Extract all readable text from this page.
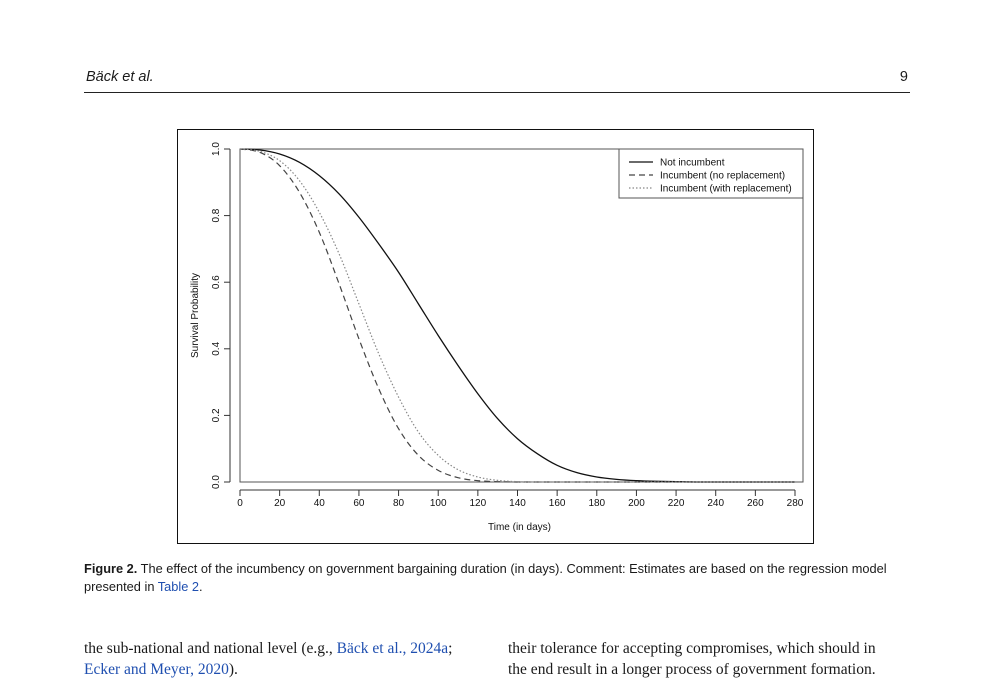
Bäck et al.	9
0.0
0.2
0.4
0.6
0.8
1.0
0	20	40	60	80	100 120 140 160 180 200 220 240 260 280
Not incumbent
Incumbent (no replacement)
Incumbent (with replacement)
Time (in days)
Survival Probability
Figure 2. The effect of the incumbency on government bargaining duration (in days). Comment: Estimates are based on the regression model presented in Table 2.
the sub-national and national level (e.g., Bäck et al., 2024a;
Ecker and Meyer, 2020).
their tolerance for accepting compromises, which should in
the end result in a longer process of government formation.
